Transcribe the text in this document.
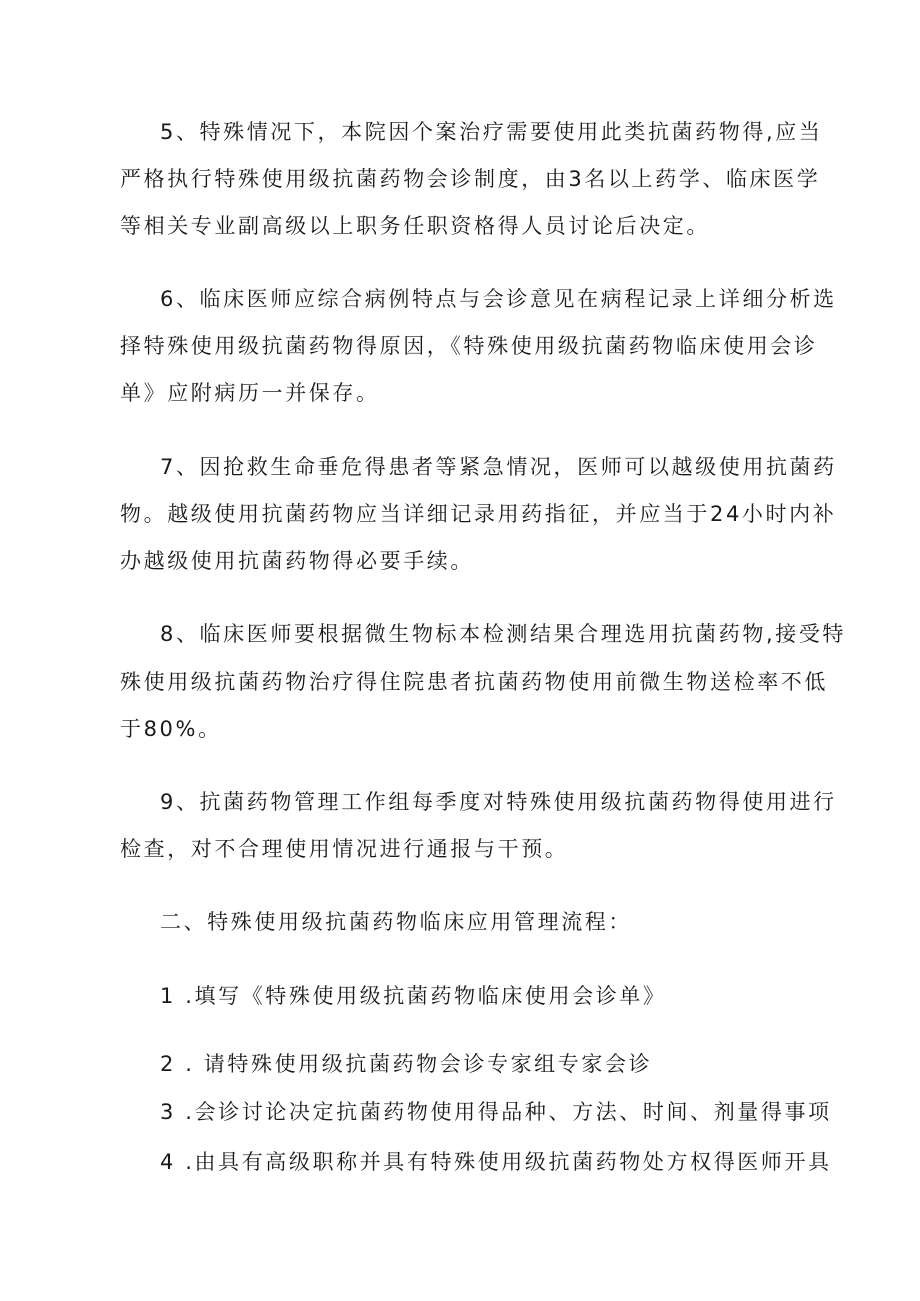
5、特殊情况下，本院因个案治疗需要使用此类抗菌药物得,应当
严格执行特殊使用级抗菌药物会诊制度，由3名以上药学、临床医学
等相关专业副高级以上职务任职资格得人员讨论后决定。
6、临床医师应综合病例特点与会诊意见在病程记录上详细分析选
择特殊使用级抗菌药物得原因，《特殊使用级抗菌药物临床使用会诊
单》应附病历一并保存。
7、因抢救生命垂危得患者等紧急情况，医师可以越级使用抗菌药
物。越级使用抗菌药物应当详细记录用药指征，并应当于24小时内补
办越级使用抗菌药物得必要手续。
8、临床医师要根据微生物标本检测结果合理选用抗菌药物,接受特
殊使用级抗菌药物治疗得住院患者抗菌药物使用前微生物送检率不低
于80%。
9、抗菌药物管理工作组每季度对特殊使用级抗菌药物得使用进行
检查，对不合理使用情况进行通报与干预。
二、特殊使用级抗菌药物临床应用管理流程：
1 .填写《特殊使用级抗菌药物临床使用会诊单》
2 . 请特殊使用级抗菌药物会诊专家组专家会诊
3 .会诊讨论决定抗菌药物使用得品种、方法、时间、剂量得事项
4 .由具有高级职称并具有特殊使用级抗菌药物处方权得医师开具
